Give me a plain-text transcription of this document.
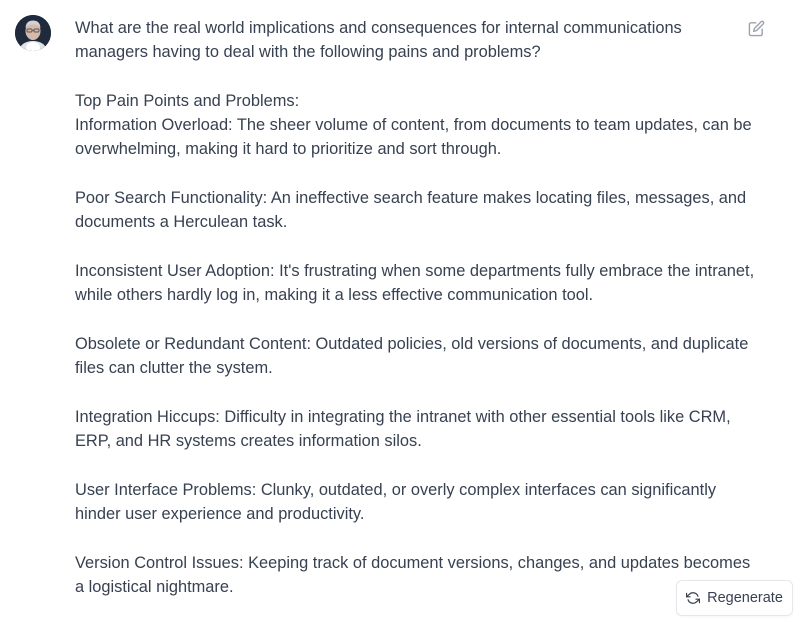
What are the real world implications and consequences for internal communications managers having to deal with the following pains and problems?

Top Pain Points and Problems:
Information Overload: The sheer volume of content, from documents to team updates, can be overwhelming, making it hard to prioritize and sort through.

Poor Search Functionality: An ineffective search feature makes locating files, messages, and documents a Herculean task.

Inconsistent User Adoption: It's frustrating when some departments fully embrace the intranet, while others hardly log in, making it a less effective communication tool.

Obsolete or Redundant Content: Outdated policies, old versions of documents, and duplicate files can clutter the system.

Integration Hiccups: Difficulty in integrating the intranet with other essential tools like CRM, ERP, and HR systems creates information silos.

User Interface Problems: Clunky, outdated, or overly complex interfaces can significantly hinder user experience and productivity.

Version Control Issues: Keeping track of document versions, changes, and updates becomes a logistical nightmare.

Regenerate
